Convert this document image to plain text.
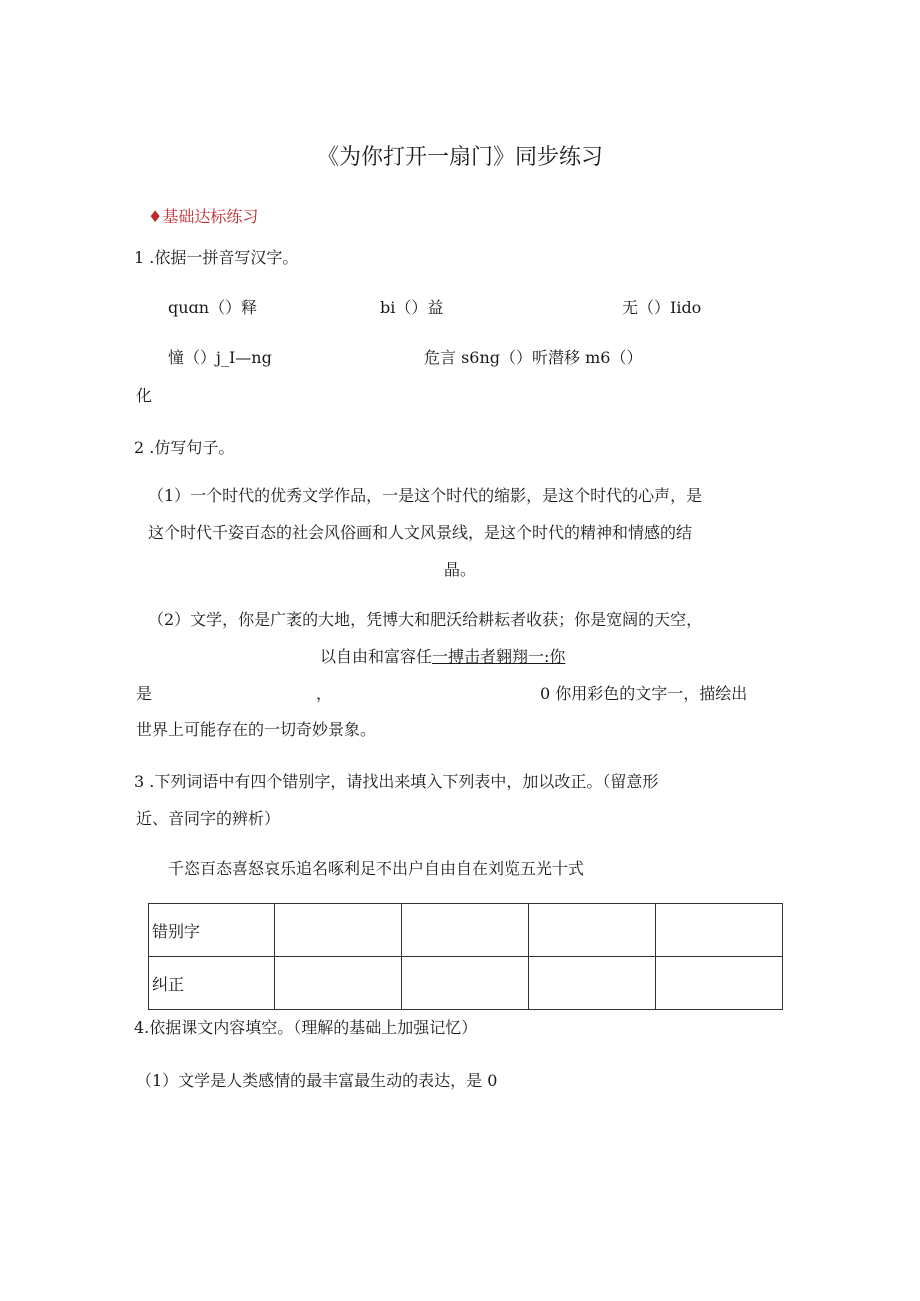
《为你打开一扇门》同步练习
♦基础达标练习
1 .依据一拼音写汉字。
quɑn（）释	bi（）益	无（）Iido
憧（）j_I—ng	危言 s6ng（）听潜移 m6（）
化
2 .仿写句子。
（1）一个时代的优秀文学作品，一是这个时代的缩影，是这个时代的心声，是
这个时代千姿百态的社会风俗画和人文风景线，是这个时代的精神和情感的结
晶。
（2）文学，你是广袤的大地，凭博大和肥沃给耕耘者收获；你是宽阔的天空，
以自由和富容任一搏击者翱翔一:你
是	，	0 你用彩色的文字一，描绘出
世界上可能存在的一切奇妙景象。
3 .下列词语中有四个错别字，请找出来填入下列表中，加以改正。（留意形
近、音同字的辨析）
千恣百态喜怒哀乐追名啄利足不出户自由自在刘览五光十式
错别字				
纠正				
4.依据课文内容填空。（理解的基础上加强记忆）
（1）文学是人类感情的最丰富最生动的表达，是 0
